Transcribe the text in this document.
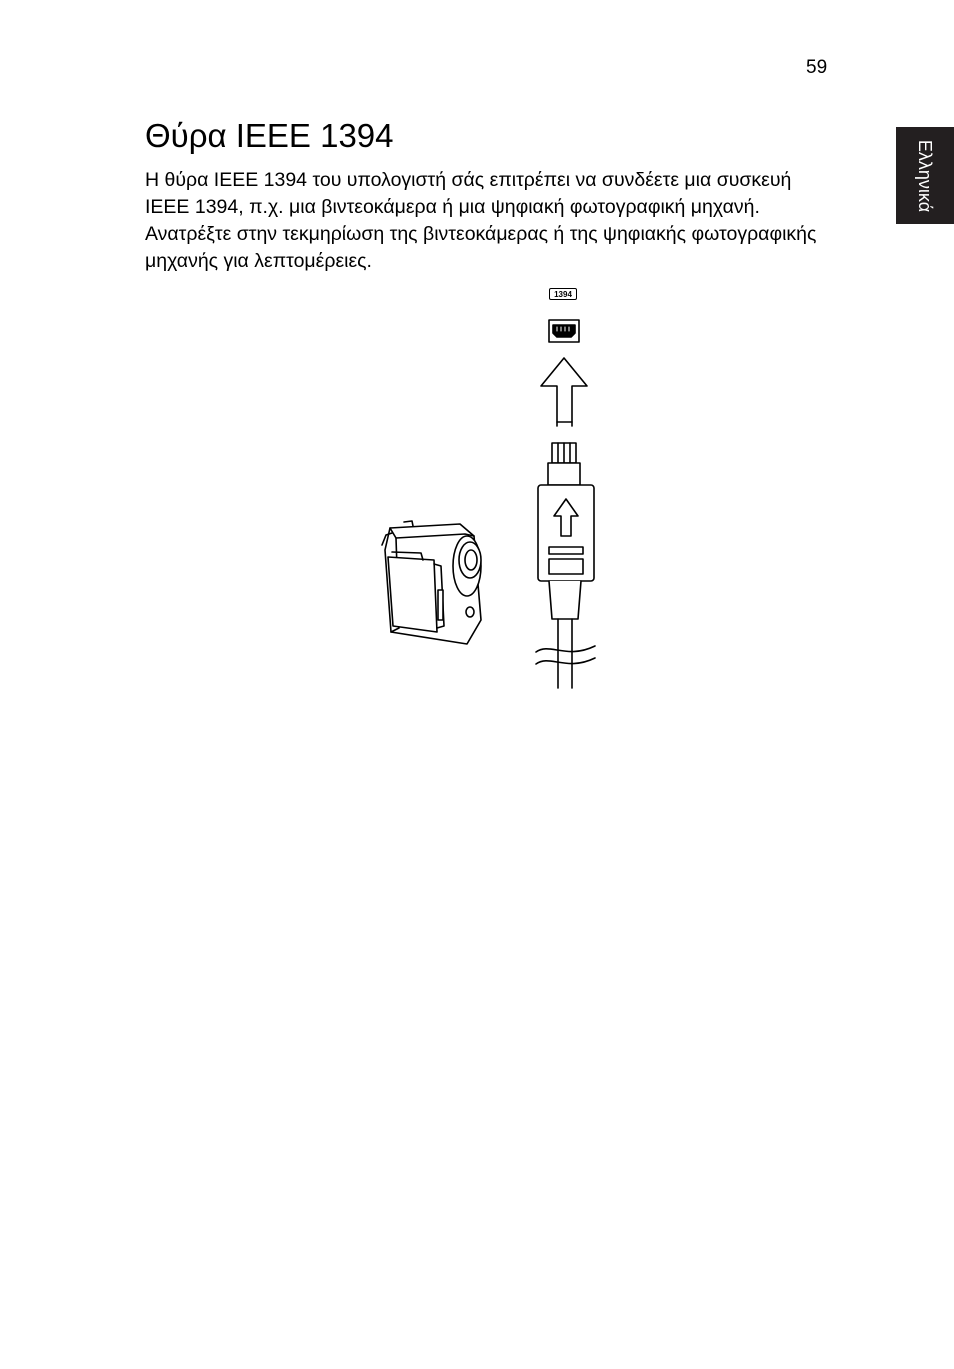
59
Ελληνικά
Θύρα IEEE 1394

Η θύρα IEEE 1394 του υπολογιστή σάς επιτρέπει να συνδέετε μια συσκευή IEEE 1394, π.χ. μια βιντεοκάμερα ή μια ψηφιακή φωτογραφική μηχανή. Ανατρέξτε στην τεκμηρίωση της βιντεοκάμερας ή της ψηφιακής φωτογραφικής μηχανής για λεπτομέρειες.

1394
